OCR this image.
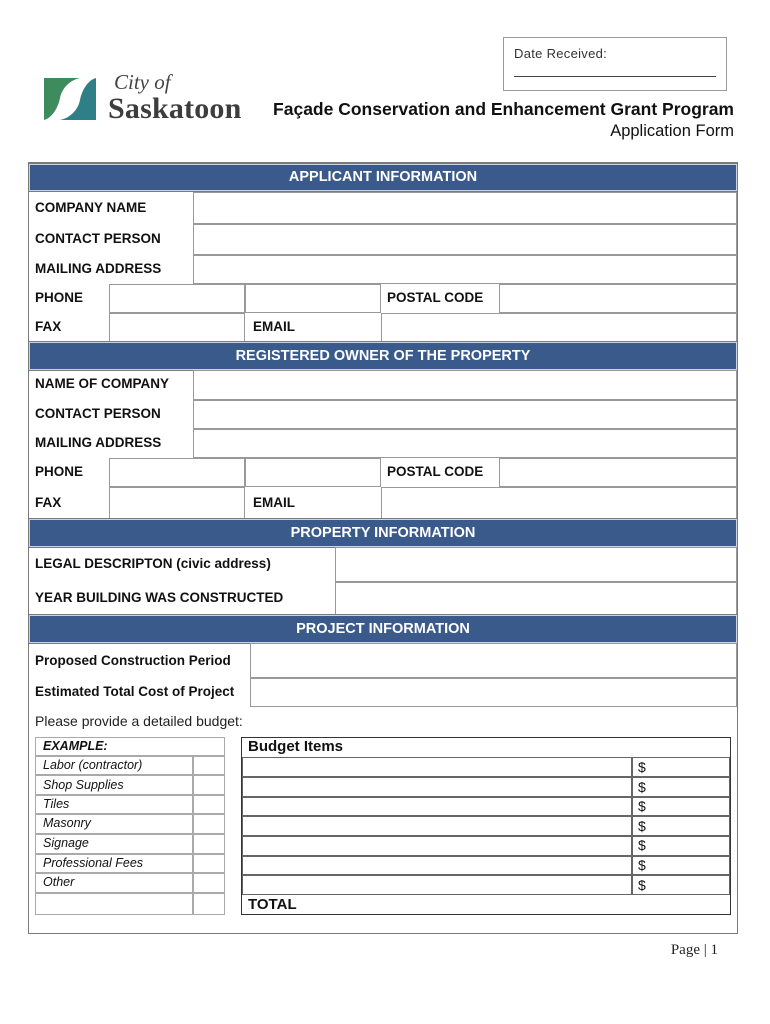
Date Received:
City of
Saskatoon Façade Conservation and Enhancement Grant Program
Application Form
APPLICANT INFORMATION
COMPANY NAME
CONTACT PERSON
MAILING ADDRESS
PHONE	POSTAL CODE
FAX	EMAIL
REGISTERED OWNER OF THE PROPERTY
NAME OF COMPANY
CONTACT PERSON
MAILING ADDRESS
PHONE	POSTAL CODE
FAX	EMAIL
PROPERTY INFORMATION
LEGAL DESCRIPTON (civic address)
YEAR BUILDING WAS CONSTRUCTED
PROJECT INFORMATION
Proposed Construction Period
Estimated Total Cost of Project
Please provide a detailed budget:
EXAMPLE:
Labor (contractor)
Shop Supplies
Tiles
Masonry
Signage
Professional Fees
Other
Budget Items
$
$
$
$
$
$
$
TOTAL
Page | 1
